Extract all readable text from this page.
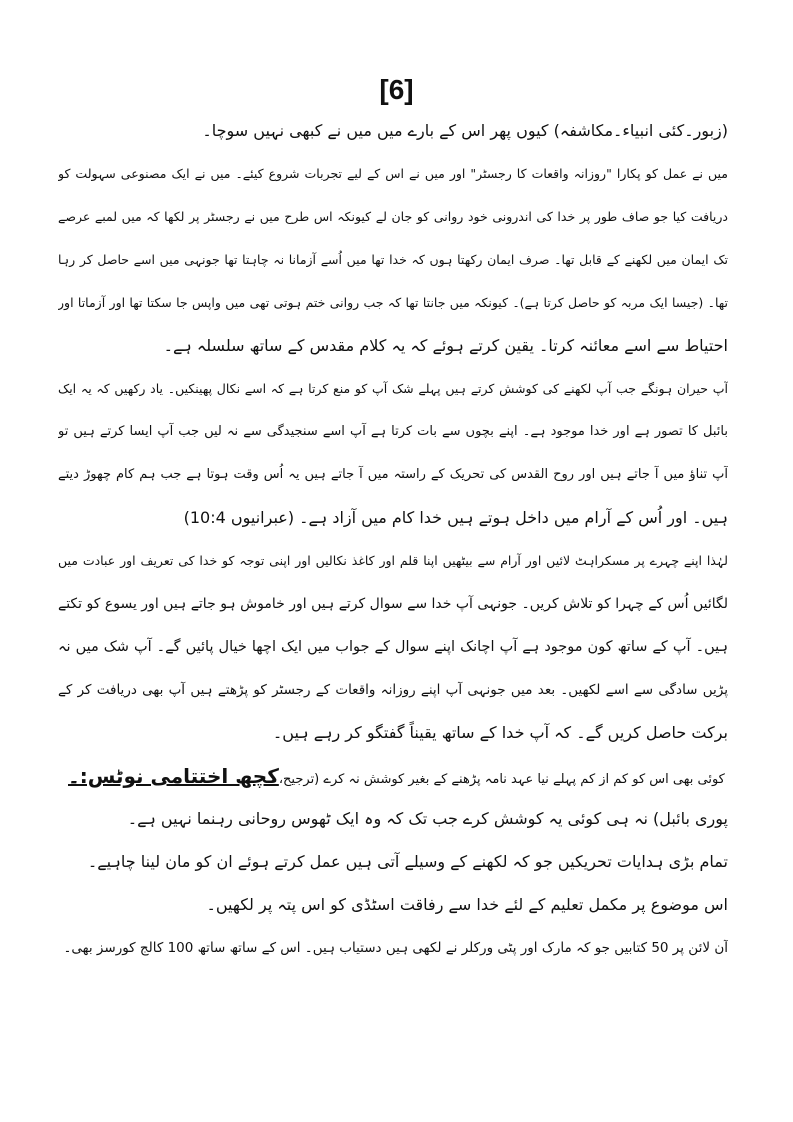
[6]
(زبور۔کئی انبیاء۔مکاشفہ) کیوں پھر اس کے بارے میں میں نے کبھی نہیں سوچا۔
میں نے عمل کو پکارا "روزانہ واقعات کا رجسٹر" اور میں نے اس کے لیے تجربات شروع کیئے۔ میں نے ایک مصنوعی سہولت کو
دریافت کیا جو صاف طور پر خدا کی اندرونی خود روانی کو جان لے کیونکہ اس طرح میں نے رجسٹر پر لکھا کہ میں لمبے عرصے
تک ایمان میں لکھنے کے قابل تھا۔ صرف ایمان رکھتا ہوں کہ خدا تھا میں اُسے آزمانا نہ چاہتا تھا جونہی میں اسے حاصل کر رہا
تھا۔ (جیسا ایک مربہ کو حاصل کرتا ہے)۔ کیونکہ میں جانتا تھا کہ جب روانی ختم ہوتی تھی میں واپس جا سکتا تھا اور آزماتا اور
احتیاط سے اسے معائنہ کرتا۔ یقین کرتے ہوئے کہ یہ کلام مقدس کے ساتھ سلسلہ ہے۔
آپ حیران ہونگے جب آپ لکھنے کی کوشش کرتے ہیں پہلے شک آپ کو منع کرتا ہے کہ اسے نکال پھینکیں۔ یاد رکھیں کہ یہ ایک
بائبل کا تصور ہے اور خدا موجود ہے۔ اپنے بچوں سے بات کرتا ہے آپ اسے سنجیدگی سے نہ لیں جب آپ ایسا کرتے ہیں تو
آپ تناؤ میں آ جاتے ہیں اور روح القدس کی تحریک کے راستہ میں آ جاتے ہیں یہ اُس وقت ہوتا ہے جب ہم کام چھوڑ دیتے
ہیں۔ اور اُس کے آرام میں داخل ہوتے ہیں خدا کام میں آزاد ہے۔ (عبرانیوں 10:4)
لہٰذا اپنے چہرے پر مسکراہٹ لائیں اور آرام سے بیٹھیں اپنا قلم اور کاغذ نکالیں اور اپنی توجہ کو خدا کی تعریف اور عبادت میں
لگائیں اُس کے چہرا کو تلاش کریں۔ جونہی آپ خدا سے سوال کرتے ہیں اور خاموش ہو جاتے ہیں اور یسوع کو تکتے
ہیں۔ آپ کے ساتھ کون موجود ہے آپ اچانک اپنے سوال کے جواب میں ایک اچھا خیال پائیں گے۔ آپ شک میں نہ
پڑیں سادگی سے اسے لکھیں۔ بعد میں جونہی آپ اپنے روزانہ واقعات کے رجسٹر کو پڑھتے ہیں آپ بھی دریافت کر کے
برکت حاصل کریں گے۔ کہ آپ خدا کے ساتھ یقیناً گفتگو کر رہے ہیں۔
کچھ اختتامی نوٹس:۔ کوئی بھی اس کو کم از کم پہلے نیا عہد نامہ پڑھنے کے بغیر کوشش نہ کرے (ترجیح،
پوری بائبل) نہ ہی کوئی یہ کوشش کرے جب تک کہ وہ ایک ٹھوس روحانی رہنما نہیں ہے۔
تمام بڑی ہدایات تحریکیں جو کہ لکھنے کے وسیلے آتی ہیں عمل کرتے ہوئے ان کو مان لینا چاہیے۔
اس موضوع پر مکمل تعلیم کے لئے خدا سے رفاقت اسٹڈی کو اس پتہ پر لکھیں۔
آن لائن پر 50 کتابیں جو کہ مارک اور پٹی ورکلر نے لکھی ہیں دستیاب ہیں۔ اس کے ساتھ ساتھ 100 کالج کورسز بھی۔
